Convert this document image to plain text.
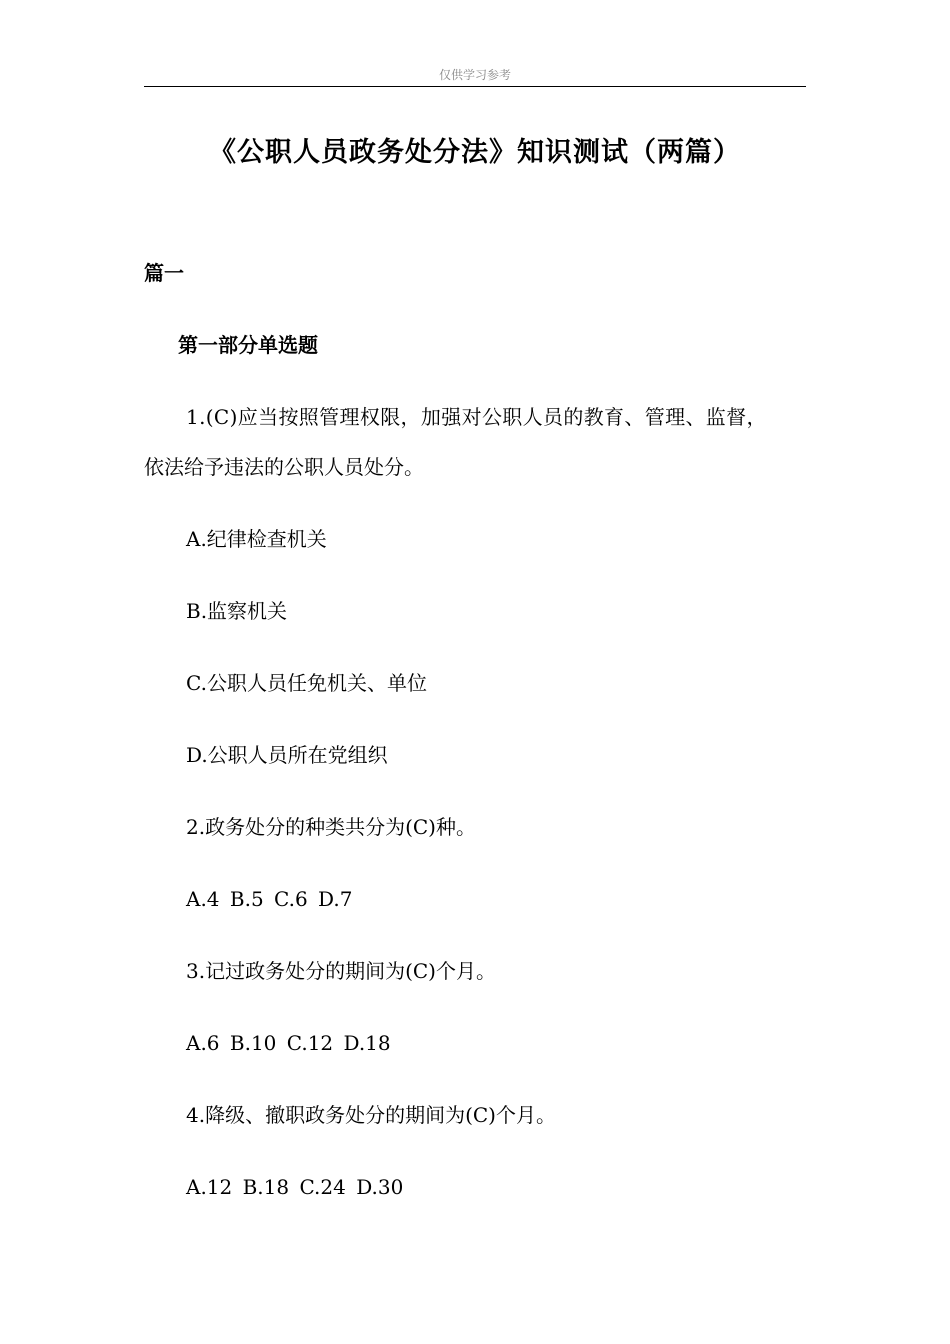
仅供学习参考
《公职人员政务处分法》知识测试（两篇）
篇一
第一部分单选题
1.(C)应当按照管理权限，加强对公职人员的教育、管理、监督，
依法给予违法的公职人员处分。
A.纪律检查机关
B.监察机关
C.公职人员任免机关、单位
D.公职人员所在党组织
2.政务处分的种类共分为(C)种。
A.4 B.5 C.6 D.7
3.记过政务处分的期间为(C)个月。
A.6 B.10 C.12 D.18
4.降级、撤职政务处分的期间为(C)个月。
A.12 B.18 C.24 D.30
